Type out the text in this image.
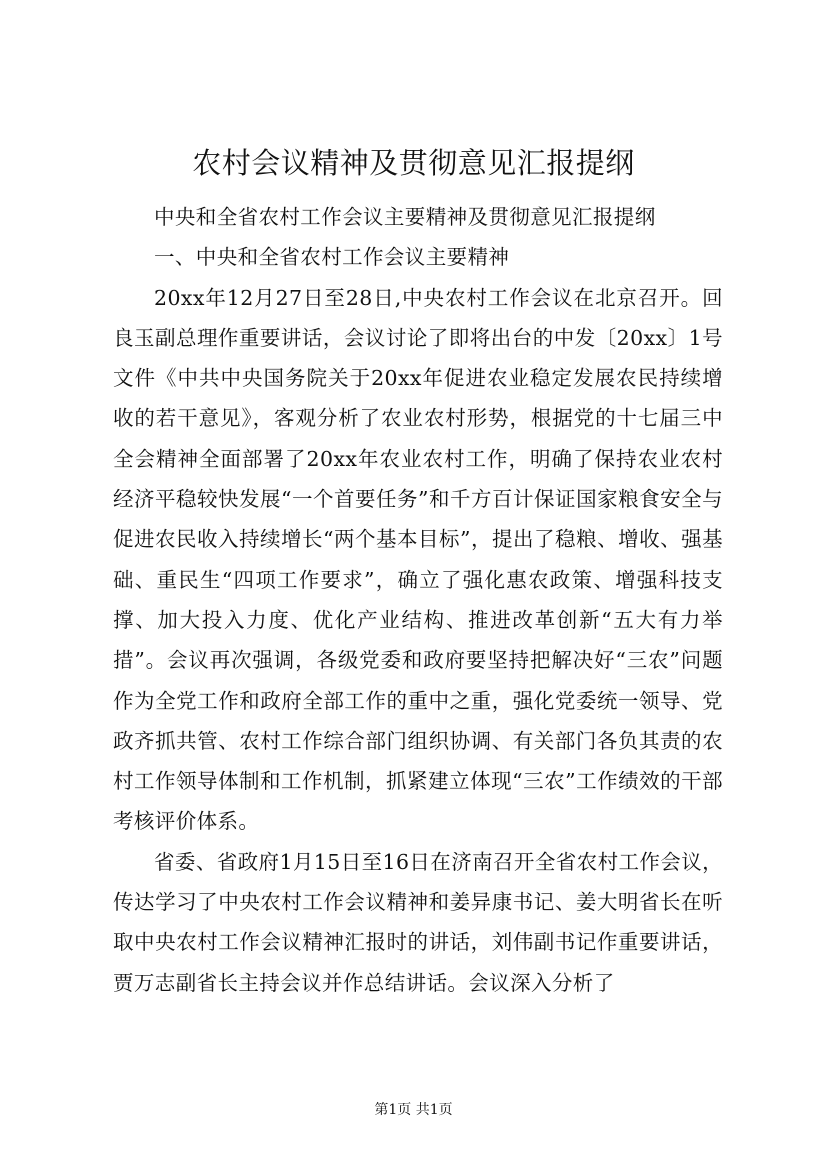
农村会议精神及贯彻意见汇报提纲

中央和全省农村工作会议主要精神及贯彻意见汇报提纲

一、中央和全省农村工作会议主要精神

20xx年12月27日至28日,中央农村工作会议在北京召开。回良玉副总理作重要讲话，会议讨论了即将出台的中发〔20xx〕1号文件《中共中央国务院关于20xx年促进农业稳定发展农民持续增收的若干意见》，客观分析了农业农村形势，根据党的十七届三中全会精神全面部署了20xx年农业农村工作，明确了保持农业农村经济平稳较快发展“一个首要任务”和千方百计保证国家粮食安全与促进农民收入持续增长“两个基本目标”，提出了稳粮、增收、强基础、重民生“四项工作要求”，确立了强化惠农政策、增强科技支撑、加大投入力度、优化产业结构、推进改革创新“五大有力举措”。会议再次强调，各级党委和政府要坚持把解决好“三农”问题作为全党工作和政府全部工作的重中之重，强化党委统一领导、党政齐抓共管、农村工作综合部门组织协调、有关部门各负其责的农村工作领导体制和工作机制，抓紧建立体现“三农”工作绩效的干部考核评价体系。

省委、省政府1月15日至16日在济南召开全省农村工作会议，传达学习了中央农村工作会议精神和姜异康书记、姜大明省长在听取中央农村工作会议精神汇报时的讲话，刘伟副书记作重要讲话，贾万志副省长主持会议并作总结讲话。会议深入分析了

第1页 共1页
